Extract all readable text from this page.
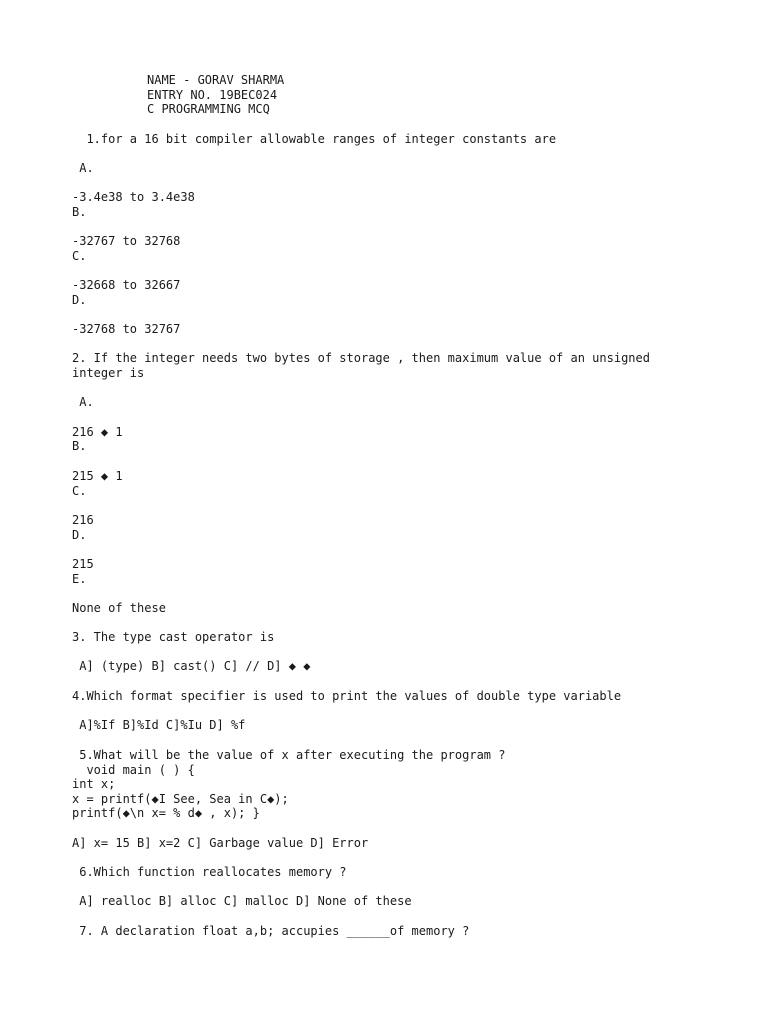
NAME - GORAV SHARMA
ENTRY NO. 19BEC024
C PROGRAMMING MCQ
1.for a 16 bit compiler allowable ranges of integer constants are
A.
-3.4e38 to 3.4e38
B.
-32767 to 32768
C.
-32668 to 32667
D.
-32768 to 32767
2. If the integer needs two bytes of storage , then maximum value of an unsigned
integer is
A.
216 ◆ 1
B.
215 ◆ 1
C.
216
D.
215
E.
None of these
3. The type cast operator is
A] (type) B] cast() C] // D] ◆ ◆
4.Which format specifier is used to print the values of double type variable
A]%If B]%Id C]%Iu D] %f
5.What will be the value of x after executing the program ?
void main ( ) {
int x;
x = printf(◆I See, Sea in C◆);
printf(◆\n x= % d◆ , x); }
A] x= 15 B] x=2 C] Garbage value D] Error
6.Which function reallocates memory ?
A] realloc B] alloc C] malloc D] None of these
7. A declaration float a,b; accupies ______of memory ?
